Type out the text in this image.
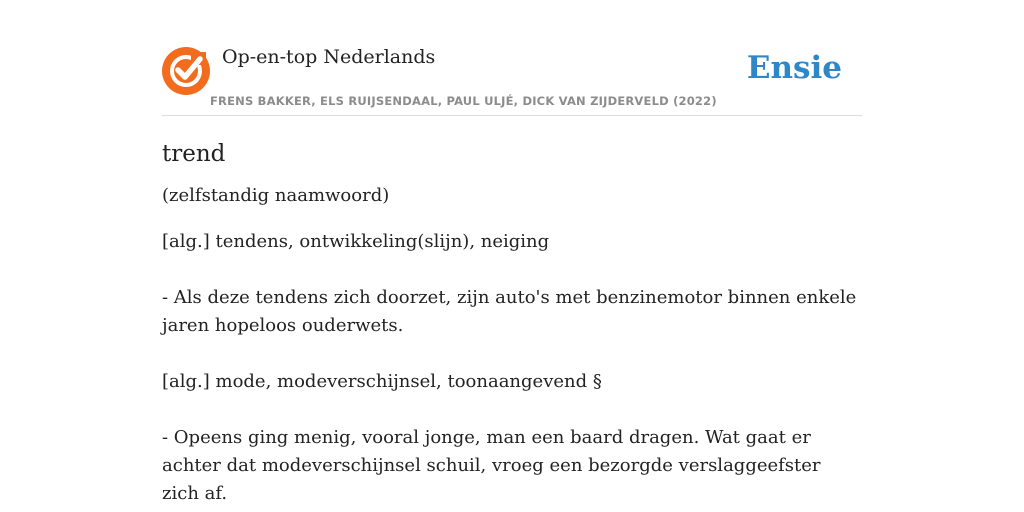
Op-en-top Nederlands
FRENS BAKKER, ELS RUIJSENDAAL, PAUL ULJÉ, DICK VAN ZIJDERVELD (2022)
Ensie
trend

(zelfstandig naamwoord)

[alg.] tendens, ontwikkeling(slijn), neiging

- Als deze tendens zich doorzet, zijn auto's met benzinemotor binnen enkele jaren hopeloos ouderwets.

[alg.] mode, modeverschijnsel, toonaangevend §

- Opeens ging menig, vooral jonge, man een baard dragen. Wat gaat er achter dat modeverschijnsel schuil, vroeg een bezorgde verslaggeefster zich af.
